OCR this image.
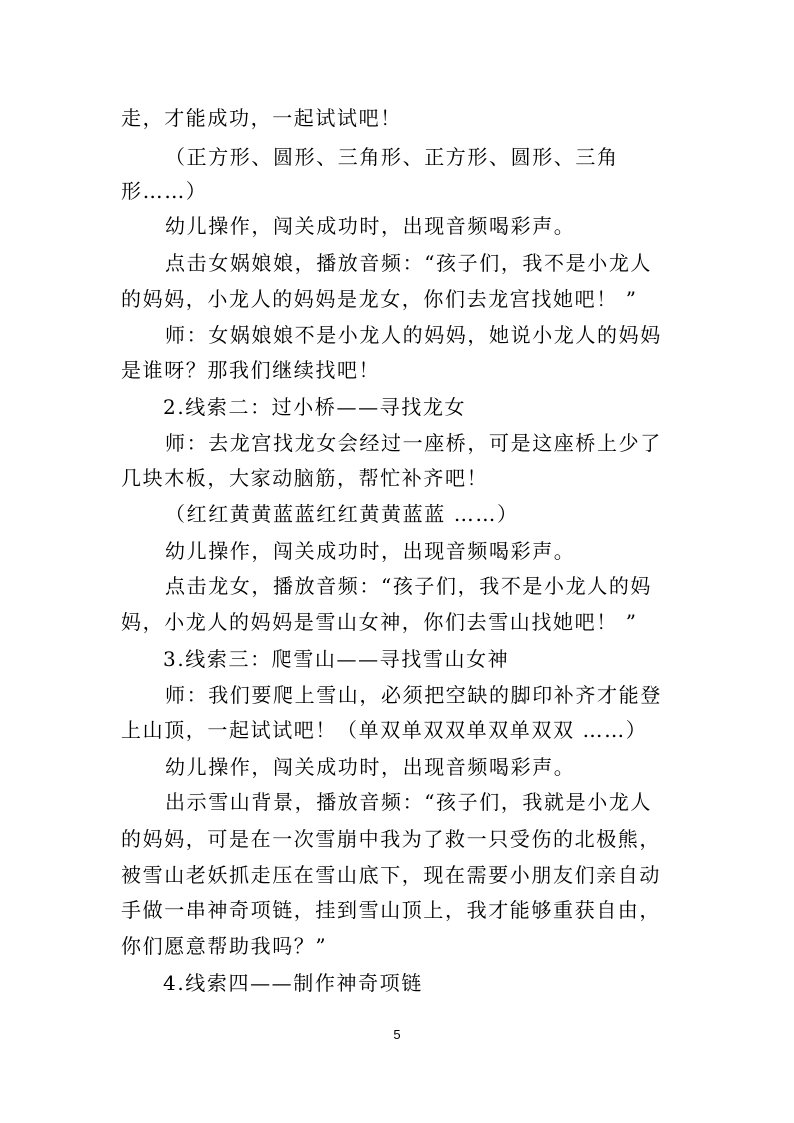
走，才能成功，一起试试吧！
（正方形、圆形、三角形、正方形、圆形、三角
形……）
幼儿操作，闯关成功时，出现音频喝彩声。
点击女娲娘娘，播放音频：“孩子们，我不是小龙人
的妈妈，小龙人的妈妈是龙女，你们去龙宫找她吧！ ”
师：女娲娘娘不是小龙人的妈妈，她说小龙人的妈妈
是谁呀？那我们继续找吧！
2.线索二：过小桥——寻找龙女
师：去龙宫找龙女会经过一座桥，可是这座桥上少了
几块木板，大家动脑筋，帮忙补齐吧！
（红红黄黄蓝蓝红红黄黄蓝蓝 ……）
幼儿操作，闯关成功时，出现音频喝彩声。
点击龙女，播放音频：“孩子们，我不是小龙人的妈
妈，小龙人的妈妈是雪山女神，你们去雪山找她吧！ ”
3.线索三：爬雪山——寻找雪山女神
师：我们要爬上雪山，必须把空缺的脚印补齐才能登
上山顶，一起试试吧！（单双单双双单双单双双 ……）
幼儿操作，闯关成功时，出现音频喝彩声。
出示雪山背景，播放音频：“孩子们，我就是小龙人
的妈妈，可是在一次雪崩中我为了救一只受伤的北极熊，
被雪山老妖抓走压在雪山底下，现在需要小朋友们亲自动
手做一串神奇项链，挂到雪山顶上，我才能够重获自由，
你们愿意帮助我吗？”
4.线索四——制作神奇项链
5
